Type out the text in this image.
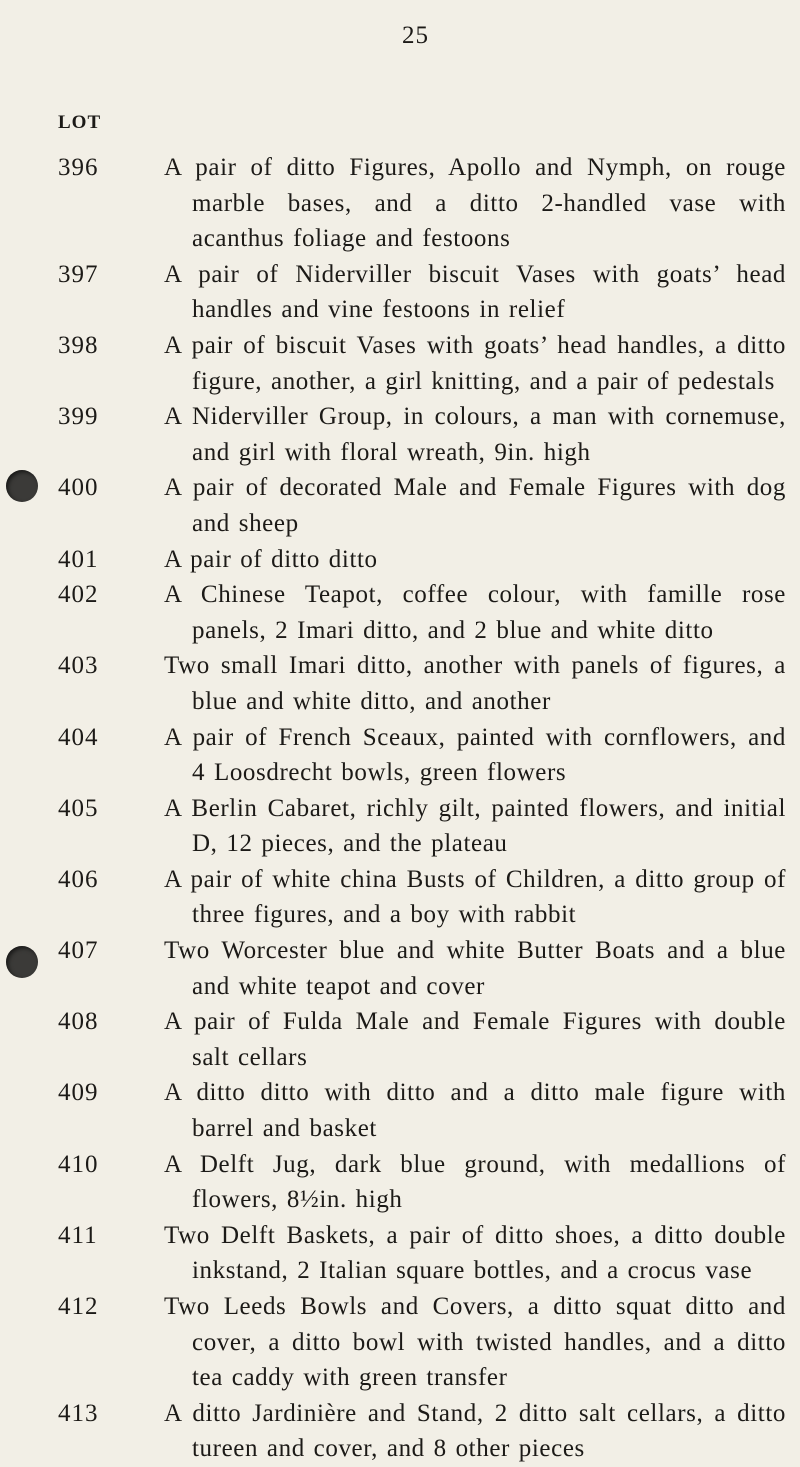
25
LOT
396	A pair of ditto Figures, Apollo and Nymph, on rouge marble bases, and a ditto 2-handled vase with acanthus foliage and festoons
397	A pair of Niderviller biscuit Vases with goats’ head handles and vine festoons in relief
398	A pair of biscuit Vases with goats’ head handles, a ditto figure, another, a girl knitting, and a pair of pedestals
399	A Niderviller Group, in colours, a man with cornemuse, and girl with floral wreath, 9in. high
400	A pair of decorated Male and Female Figures with dog and sheep
401	A pair of ditto ditto
402	A Chinese Teapot, coffee colour, with famille rose panels, 2 Imari ditto, and 2 blue and white ditto
403	Two small Imari ditto, another with panels of figures, a blue and white ditto, and another
404	A pair of French Sceaux, painted with cornflowers, and 4 Loosdrecht bowls, green flowers
405	A Berlin Cabaret, richly gilt, painted flowers, and initial D, 12 pieces, and the plateau
406	A pair of white china Busts of Children, a ditto group of three figures, and a boy with rabbit
407	Two Worcester blue and white Butter Boats and a blue and white teapot and cover
408	A pair of Fulda Male and Female Figures with double salt cellars
409	A ditto ditto with ditto and a ditto male figure with barrel and basket
410	A Delft Jug, dark blue ground, with medallions of flowers, 8½in. high
411	Two Delft Baskets, a pair of ditto shoes, a ditto double inkstand, 2 Italian square bottles, and a crocus vase
412	Two Leeds Bowls and Covers, a ditto squat ditto and cover, a ditto bowl with twisted handles, and a ditto tea caddy with green transfer
413	A ditto Jardinière and Stand, 2 ditto salt cellars, a ditto tureen and cover, and 8 other pieces
